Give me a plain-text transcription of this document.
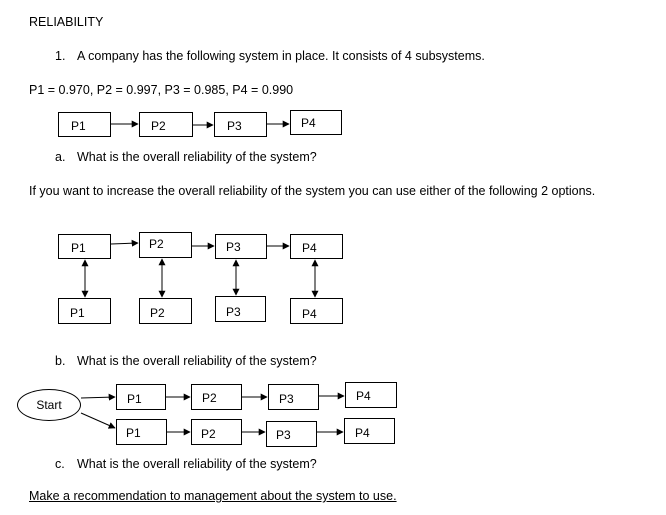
RELIABILITY
1. A company has the following system in place. It consists of 4 subsystems.
P1 = 0.970, P2 = 0.997, P3 = 0.985, P4 = 0.990
P1	P2	P3	P4
a. What is the overall reliability of the system?
If you want to increase the overall reliability of the system you can use either of the following 2 options.
P1	P2	P3	P4
P1	P2	P3	P4
b. What is the overall reliability of the system?
Start	P1	P2	P3	P4
P1	P2	P3	P4
c. What is the overall reliability of the system?
Make a recommendation to management about the system to use.
